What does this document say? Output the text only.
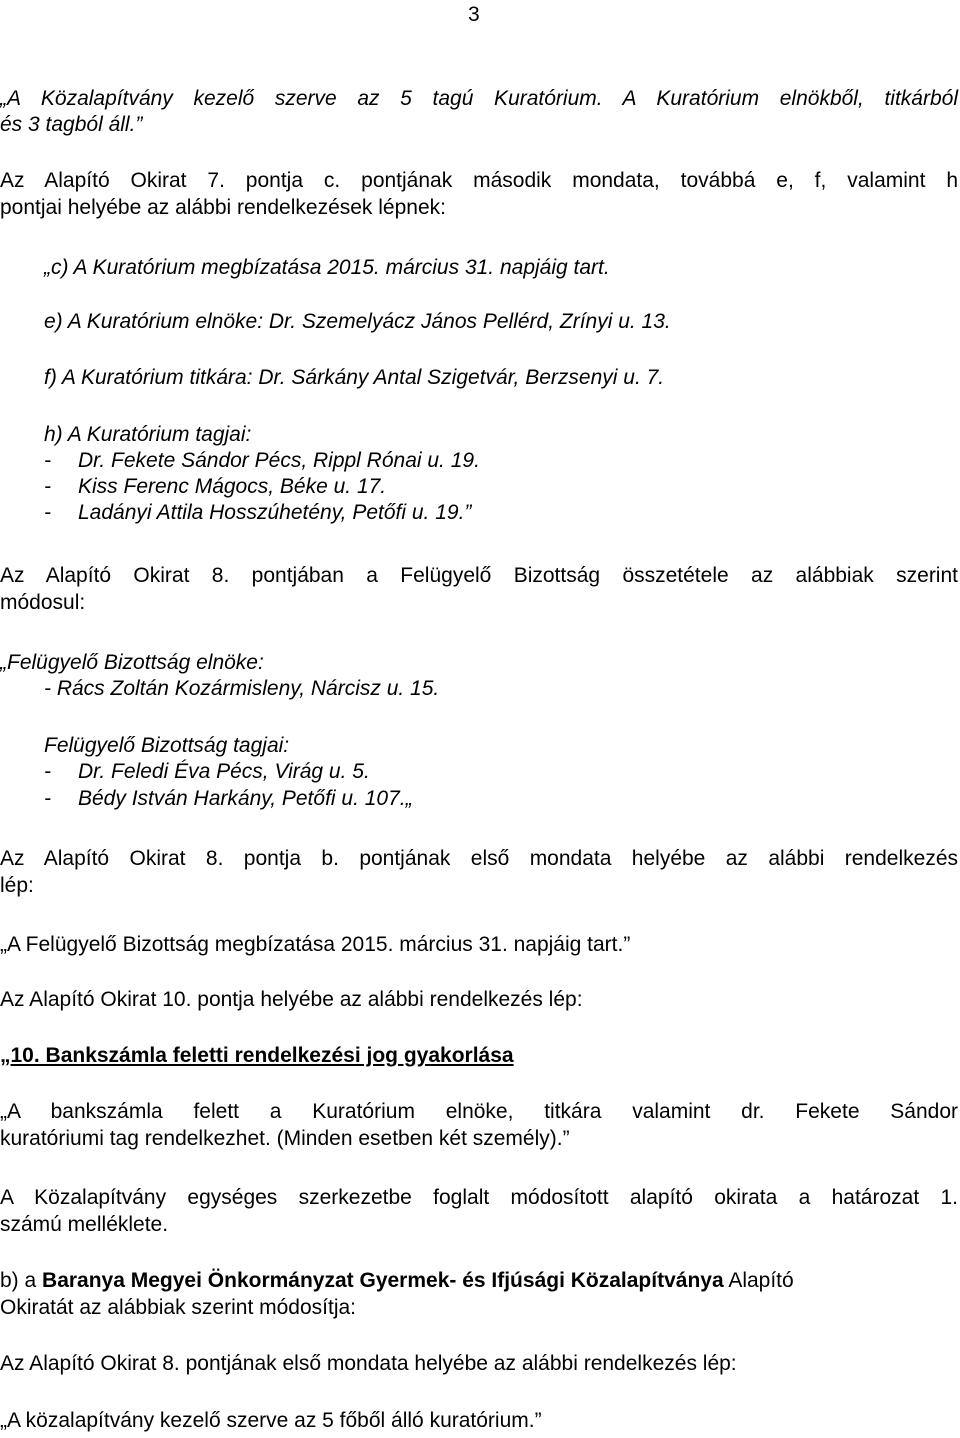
3
„A Közalapítvány kezelő szerve az 5 tagú Kuratórium. A Kuratórium elnökből, titkárból
és 3 tagból áll.”
Az Alapító Okirat 7. pontja c. pontjának második mondata, továbbá e, f, valamint h
pontjai helyébe az alábbi rendelkezések lépnek:
„c) A Kuratórium megbízatása 2015. március 31. napjáig tart.
e) A Kuratórium elnöke: Dr. Szemelyácz János Pellérd, Zrínyi u. 13.
f) A Kuratórium titkára: Dr. Sárkány Antal Szigetvár, Berzsenyi u. 7.
h) A Kuratórium tagjai:
- Dr. Fekete Sándor Pécs, Rippl Rónai u. 19.
- Kiss Ferenc Mágocs, Béke u. 17.
- Ladányi Attila Hosszúhetény, Petőfi u. 19.”
Az Alapító Okirat 8. pontjában a Felügyelő Bizottság összetétele az alábbiak szerint
módosul:
„Felügyelő Bizottság elnöke:
- Rács Zoltán Kozármisleny, Nárcisz u. 15.
Felügyelő Bizottság tagjai:
- Dr. Feledi Éva Pécs, Virág u. 5.
- Bédy István Harkány, Petőfi u. 107.„
Az Alapító Okirat 8. pontja b. pontjának első mondata helyébe az alábbi rendelkezés
lép:
„A Felügyelő Bizottság megbízatása 2015. március 31. napjáig tart.”
Az Alapító Okirat 10. pontja helyébe az alábbi rendelkezés lép:
„10. Bankszámla feletti rendelkezési jog gyakorlása
„A bankszámla felett a Kuratórium elnöke, titkára valamint dr. Fekete Sándor
kuratóriumi tag rendelkezhet. (Minden esetben két személy).”
A Közalapítvány egységes szerkezetbe foglalt módosított alapító okirata a határozat 1.
számú melléklete.
b) a Baranya Megyei Önkormányzat Gyermek- és Ifjúsági Közalapítványa Alapító
Okiratát az alábbiak szerint módosítja:
Az Alapító Okirat 8. pontjának első mondata helyébe az alábbi rendelkezés lép:
„A közalapítvány kezelő szerve az 5 főből álló kuratórium.”
